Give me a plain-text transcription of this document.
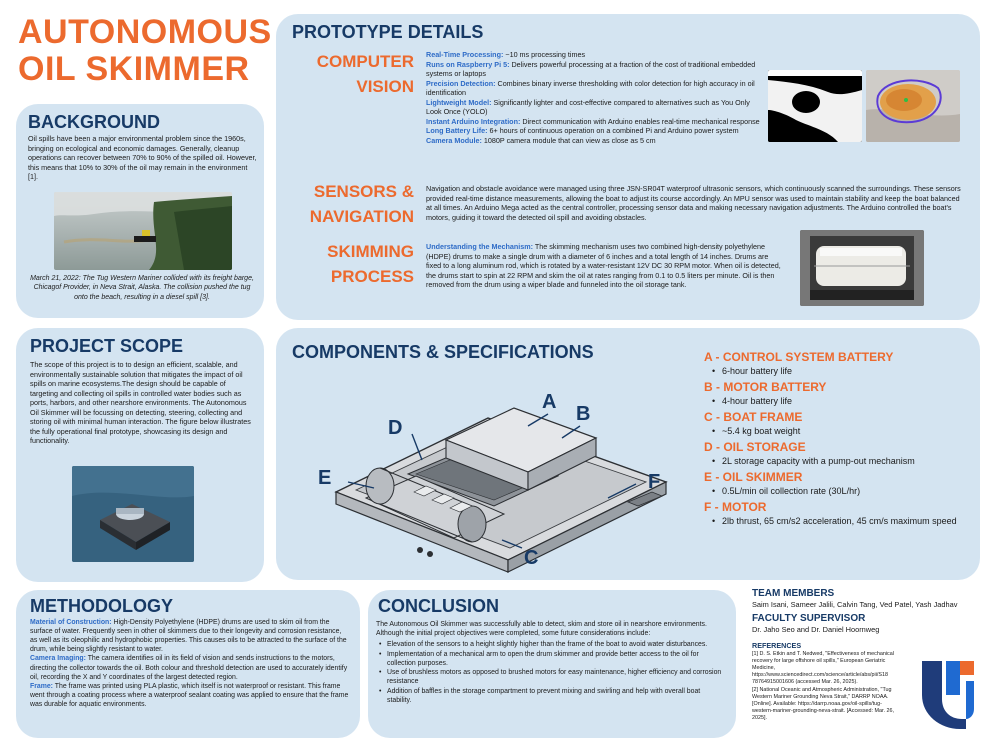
AUTONOMOUS OIL SKIMMER
BACKGROUND
Oil spills have been a major environmental problem since the 1960s, bringing on ecological and economic damages. Generally, cleanup operations can recover between 70% to 90% of the spilled oil. However, this means that 10% to 30% of the oil may remain in the environment [1].
March 21, 2022: The Tug Western Mariner collided with its freight barge, Chicagof Provider, in Neva Strait, Alaska. The collision pushed the tug onto the beach, resulting in a diesel spill [3].
PROJECT SCOPE
The scope of this project is to to design an efficient, scalable, and environmentally sustainable solution that mitigates the impact of oil spills on marine ecosystems.The design should be capable of targeting and collecting oil spills in controlled water bodies such as ports, harbors, and other nearshore environments. The Autonomous Oil Skimmer will be focussing on detecting, steering, collecting and storing oil with minimal human interaction. The figure below illustrates the fully operational final prototype, showcasing its design and functionality.
PROTOTYPE DETAILS
COMPUTER VISION
Real-Time Processing: ~10 ms processing times
Runs on Raspberry Pi 5: Delivers powerful processing at a fraction of the cost of traditional embedded systems or laptops
Precision Detection: Combines binary inverse thresholding with color detection for high accuracy in oil identification
Lightweight Model: Significantly lighter and cost-effective compared to alternatives such as You Only Look Once (YOLO)
Instant Arduino Integration: Direct communication with Arduino enables real-time mechanical response
Long Battery Life: 6+ hours of continuous operation on a combined Pi and Arduino power system
Camera Module: 1080P camera module that can view as close as 5 cm
SENSORS & NAVIGATION
Navigation and obstacle avoidance were managed using three JSN-SR04T waterproof ultrasonic sensors, which continuously scanned the surroundings. These sensors provided real-time distance measurements, allowing the boat to adjust its course accordingly. An MPU sensor was used to maintain stability and keep the boat balanced at all times. An Arduino Mega acted as the central controller, processing sensor data and making necessary navigation adjustments. The Arduino controlled the boat's motors, guiding it toward the detected oil spill and avoiding obstacles.
SKIMMING PROCESS
Understanding the Mechanism: The skimming mechanism uses two combined high-density polyethylene (HDPE) drums to make a single drum with a diameter of 6 inches and a total length of 14 inches. Drums are fixed to a long aluminum rod, which is rotated by a water-resistant 12V DC 30 RPM motor. When oil is detected, the drums start to spin at 22 RPM and skim the oil at rates ranging from 0.1 to 0.5 liters per minute. Oil is then removed from the drum using a wiper blade and funneled into the oil storage tank.
COMPONENTS & SPECIFICATIONS
A
B
C
D
E	F
A - CONTROL SYSTEM BATTERY
• 6-hour battery life
B - MOTOR BATTERY
• 4-hour battery life
C - BOAT FRAME
• ~5.4 kg boat weight
D - OIL STORAGE
• 2L storage capacity with a pump-out mechanism
E - OIL SKIMMER
• 0.5L/min oil collection rate (30L/hr)
F - MOTOR
• 2lb thrust, 65 cm/s2 acceleration, 45 cm/s maximum speed
METHODOLOGY
Material of Construction: High-Density Polyethylene (HDPE) drums are used to skim oil from the surface of water. Frequently seen in other oil skimmers due to their longevity and corrosion resistance, as well as its oleophilic and hydrophobic properties. This causes oils to be attracted to the surface of the drum, while being slightly resistant to water.
Camera Imaging: The camera identifies oil in its field of vision and sends instructions to the motors, directing the collector towards the oil. Both colour and threshold detection are used to accurately identify oil, recording the X and Y coordinates of the largest detected region.
Frame: The frame was printed using PLA plastic, which itself is not waterproof or resistant. This frame went through a coating process where a waterproof sealant coating was applied to ensure that the frame was durable for aquatic environments.
CONCLUSION
The Autonomous Oil Skimmer was successfully able to detect, skim and store oil in nearshore environments. Although the initial project objectives were completed, some future considerations include:
• Elevation of the sensors to a height slightly higher than the frame of the boat to avoid water disturbances.
• Implementation of a mechanical arm to open the drum skimmer and provide better access to the oil for collection purposes.
• Use of brushless motors as opposed to brushed motors for easy maintenance, higher efficiency and corrosion resistance
• Addition of baffles in the storage compartment to prevent mixing and swirling and help with overall boat stability.
TEAM MEMBERS
Saim Isani, Sameer Jalili, Calvin Tang, Ved Patel, Yash Jadhav
FACULTY SUPERVISOR
Dr. Jaho Seo and Dr. Daniel Hoornweg
REFERENCES
[1] D. S. Etkin and T. Nedwed, "Effectiveness of mechanical recovery for large offshore oil spills," European Geriatric Medicine, https://www.sciencedirect.com/science/article/abs/pii/S18 78764915001606 (accessed Mar. 26, 2025).
[2] National Oceanic and Atmospheric Administration, "Tug Western Mariner Grounding Neva Strait," DARRP NOAA. [Online]. Available: https://darrp.noaa.gov/oil-spills/tug-western-mariner-grounding-neva-strait. [Accessed: Mar. 26, 2025].
